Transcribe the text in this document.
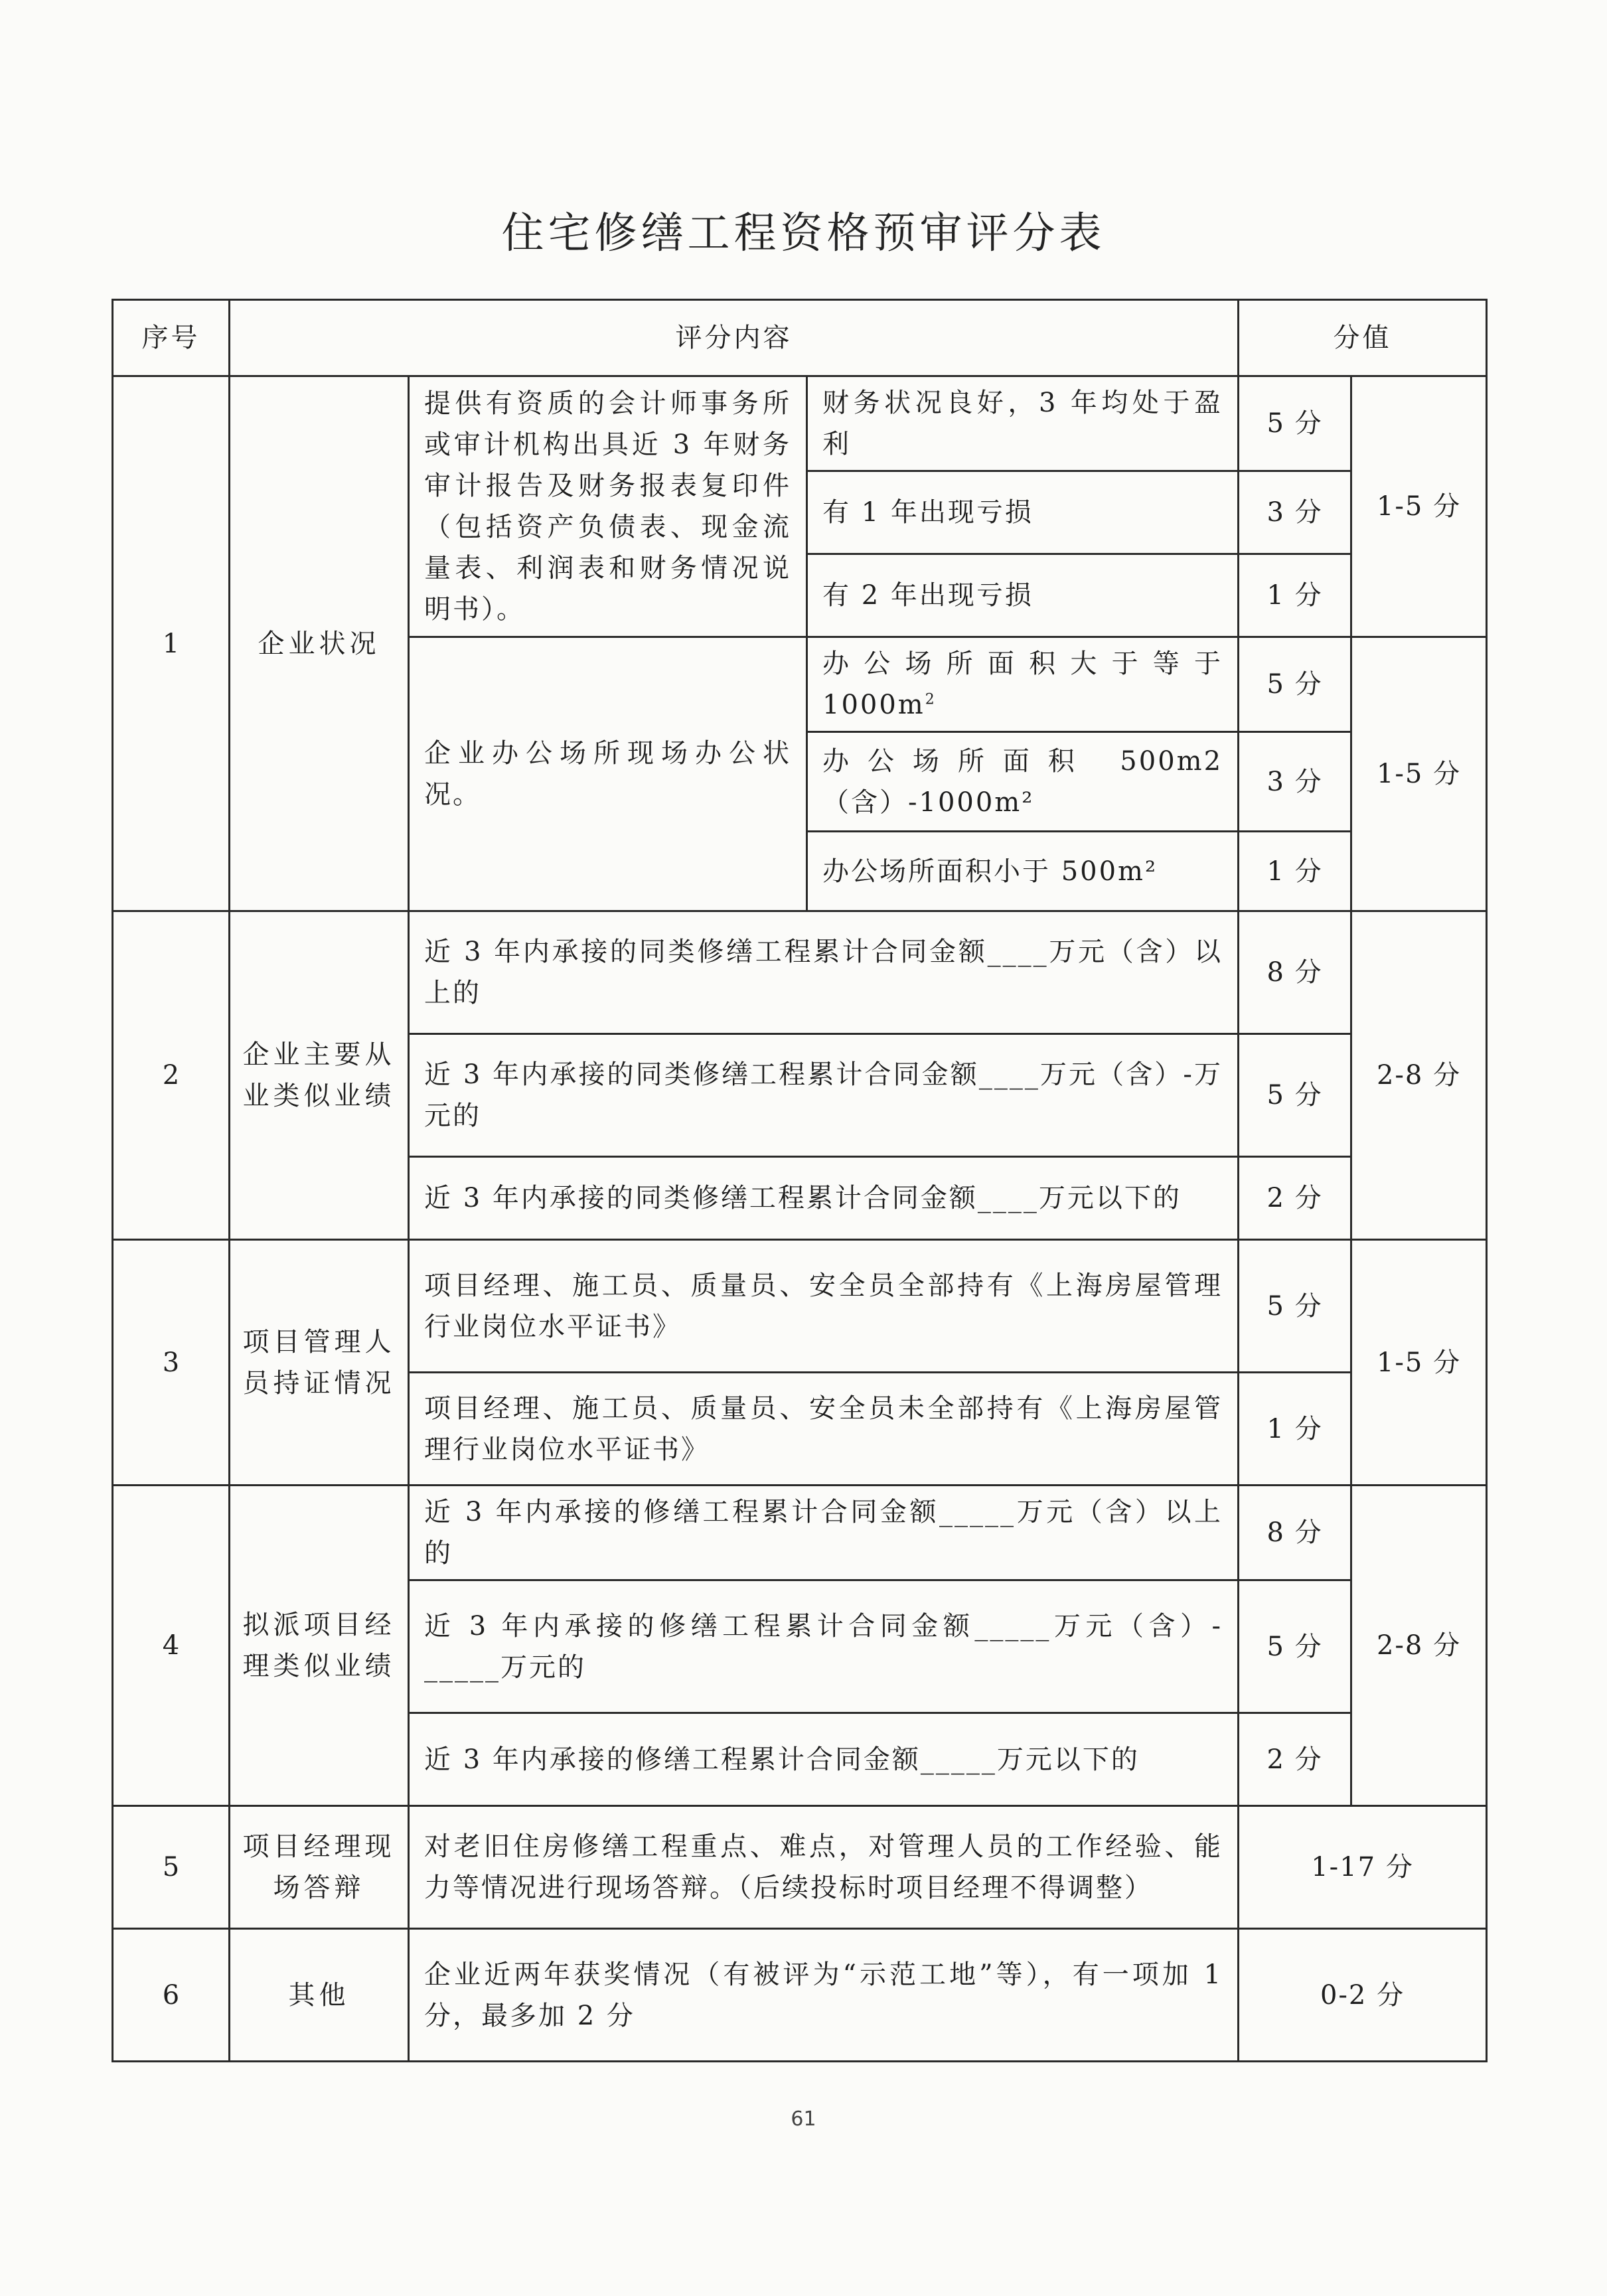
住宅修缮工程资格预审评分表
序号	评分内容			分值	
1	企业状况	提供有资质的会计师事务所或审计机构出具近 3 年财务审计报告及财务报表复印件（包括资产负债表、现金流量表、利润表和财务情况说明书）。	财务状况良好，3 年均处于盈利	5 分	1-5 分
			有 1 年出现亏损	3 分	
			有 2 年出现亏损	1 分	
		企业办公场所现场办公状况。	办公场所面积大于等于 $1000m^2$	5 分	1-5 分
			办公场所面积 500m2（含）-1000m²	3 分	
			办公场所面积小于 500m²	1 分	
2	企业主要从业类似业绩	近 3 年内承接的同类修缮工程累计合同金额____万元（含）以上的		8 分	2-8 分
		近 3 年内承接的同类修缮工程累计合同金额____万元（含）-万元的		5 分	
		近 3 年内承接的同类修缮工程累计合同金额____万元以下的		2 分	
3	项目管理人员持证情况	项目经理、施工员、质量员、安全员全部持有《上海房屋管理行业岗位水平证书》		5 分	1-5 分
		项目经理、施工员、质量员、安全员未全部持有《上海房屋管理行业岗位水平证书》		1 分	
4	拟派项目经理类似业绩	近 3 年内承接的修缮工程累计合同金额_____万元（含）以上的		8 分	2-8 分
		近 3 年内承接的修缮工程累计合同金额_____万元（含）-_____万元的		5 分	
		近 3 年内承接的修缮工程累计合同金额_____万元以下的		2 分	
5	项目经理现场答辩	对老旧住房修缮工程重点、难点，对管理人员的工作经验、能力等情况进行现场答辩。（后续投标时项目经理不得调整）		1-17 分	
6	其他	企业近两年获奖情况（有被评为“示范工地”等），有一项加 1 分，最多加 2 分		0-2 分	
61
